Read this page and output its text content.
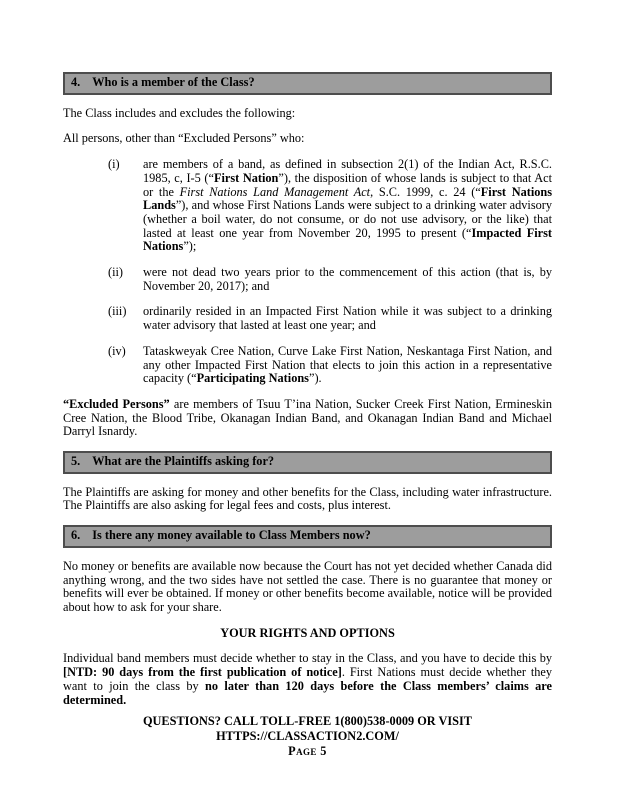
4. Who is a member of the Class?

The Class includes and excludes the following:

All persons, other than “Excluded Persons” who:

(i)	are members of a band, as defined in subsection 2(1) of the Indian Act, R.S.C. 1985, c, I-5 (“First Nation”), the disposition of whose lands is subject to that Act or the First Nations Land Management Act, S.C. 1999, c. 24 (“First Nations Lands”), and whose First Nations Lands were subject to a drinking water advisory (whether a boil water, do not consume, or do not use advisory, or the like) that lasted at least one year from November 20, 1995 to present (“Impacted First Nations”);
(ii)	were not dead two years prior to the commencement of this action (that is, by November 20, 2017); and
(iii)	ordinarily resided in an Impacted First Nation while it was subject to a drinking water advisory that lasted at least one year; and
(iv)	Tataskweyak Cree Nation, Curve Lake First Nation, Neskantaga First Nation, and any other Impacted First Nation that elects to join this action in a representative capacity (“Participating Nations”).

“Excluded Persons” are members of Tsuu T’ina Nation, Sucker Creek First Nation, Ermineskin Cree Nation, the Blood Tribe, Okanagan Indian Band, and Okanagan Indian Band and Michael Darryl Isnardy.

5. What are the Plaintiffs asking for?

The Plaintiffs are asking for money and other benefits for the Class, including water infrastructure. The Plaintiffs are also asking for legal fees and costs, plus interest.

6. Is there any money available to Class Members now?

No money or benefits are available now because the Court has not yet decided whether Canada did anything wrong, and the two sides have not settled the case. There is no guarantee that money or benefits will ever be obtained. If money or other benefits become available, notice will be provided about how to ask for your share.

YOUR RIGHTS AND OPTIONS

Individual band members must decide whether to stay in the Class, and you have to decide this by [NTD: 90 days from the first publication of notice]. First Nations must decide whether they want to join the class by no later than 120 days before the Class members’ claims are determined.

QUESTIONS? CALL TOLL-FREE 1(800)538-0009 OR VISIT
HTTPS://CLASSACTION2.COM/
Page 5
